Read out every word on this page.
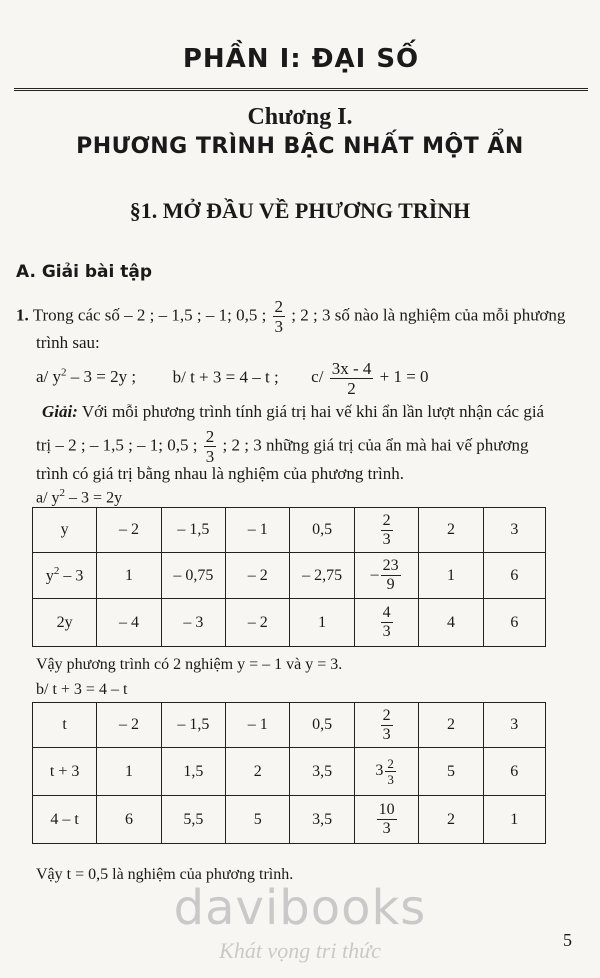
PHẦN I: ĐẠI SỐ
Chương I.
PHƯƠNG TRÌNH BẬC NHẤT MỘT ẨN
§1. MỞ ĐẦU VỀ PHƯƠNG TRÌNH
A. Giải bài tập
1. Trong các số – 2 ; – 1,5 ; – 1; 0,5 ; $\frac{2}{3}$ ; 2 ; 3 số nào là nghiệm của mỗi phương
trình sau:
a/ $y^2 - 3 = 2y$ ; b/ t + 3 = 4 – t ; $c/ \frac{3x - 4}{2} + 1 = 0$
Giải: Với mỗi phương trình tính giá trị hai vế khi ẩn lần lượt nhận các giá
trị – 2 ; – 1,5 ; – 1; 0,5 ; $\frac{2}{3}$ ; 2 ; 3 những giá trị của ẩn mà hai vế phương
trình có giá trị bằng nhau là nghiệm của phương trình.
a/ $y^2 - 3 = 2y$
y	– 2	– 1,5	– 1	0,5	$\frac{2}{3}$	2	3
$y^2 - 3$	1	– 0,75	– 2	– 2,75	– $\frac{23}{9}$	1	6
2y	– 4	– 3	– 2	1	$\frac{4}{3}$	4	6
Vậy phương trình có 2 nghiệm y = – 1 và y = 3.
b/ t + 3 = 4 – t
t	– 2	– 1,5	– 1	0,5	$\frac{2}{3}$	2	3
t + 3	1	1,5	2	3,5	$3 \frac{2}{3}$	5	6
4 – t	6	5,5	5	3,5	$\frac{10}{3}$	2	1
Vậy t = 0,5 là nghiệm của phương trình.
davibooks
Khát vọng tri thức	5
